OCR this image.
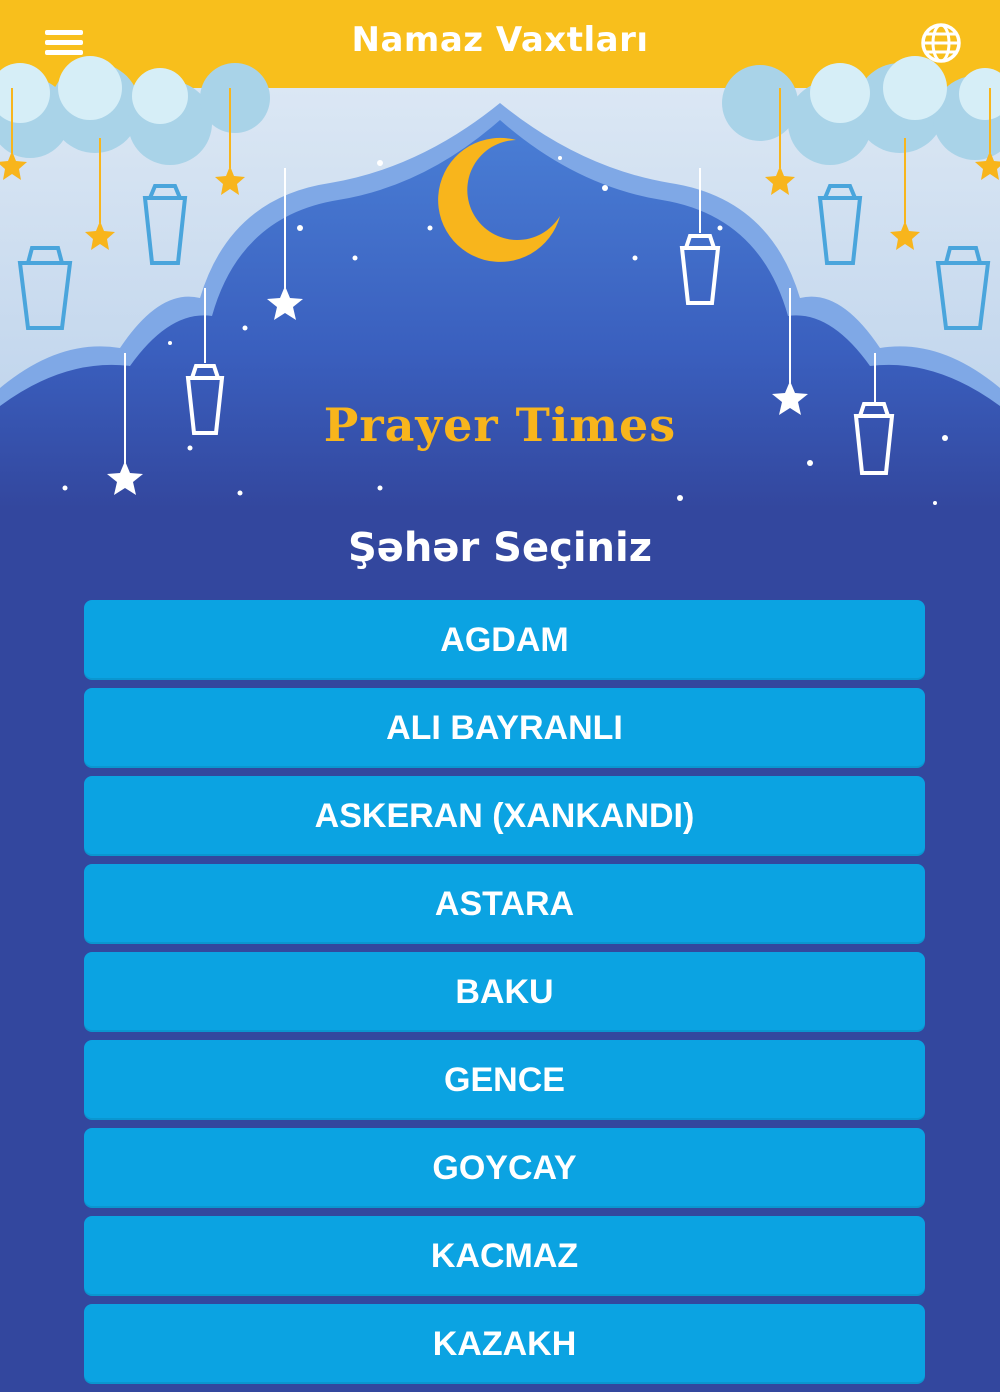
Namaz Vaxtları
Prayer Times
Şəhər Seçiniz
AGDAM
ALI BAYRANLI
ASKERAN (XANKANDI)
ASTARA
BAKU
GENCE
GOYCAY
KACMAZ
KAZAKH
